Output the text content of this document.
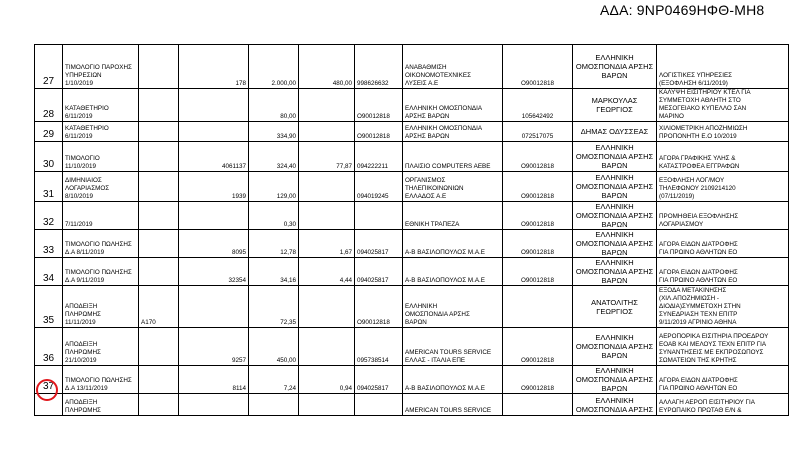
ΑΔΑ: 9ΝΡ0469ΗΦΘ-ΜΗ8
27	ΤΙΜΟΛΟΓΙΟ ΠΑΡΟΧΗΣ
ΥΠΗΡΕΣΙΩΝ
1/10/2019		178	2.000,00	480,00	998626632	ΑΝΑΒΑΘΜΙΣΗ
ΟΙΚΟΝΟΜΟΤΕΧΝΙΚΕΣ
ΛΥΣΕΙΣ Α.Ε	Ο90012818	ΕΛΛΗΝΙΚΗ
ΟΜΟΣΠΟΝΔΙΑ ΑΡΣΗΣ
ΒΑΡΩΝ	ΛΟΓΙΣΤΙΚΕΣ ΥΠΗΡΕΣΙΕΣ
(ΕΞΟΦΛΗΣΗ 6/11/2019)
28	ΚΑΤΑΘΕΤΗΡΙΟ
6/11/2019			80,00		Ο90012818	ΕΛΛΗΝΙΚΗ ΟΜΟΣΠΟΝΔΙΑ
ΑΡΣΗΣ ΒΑΡΩΝ	105642492	ΜΑΡΚΟΥΛΑΣ ΓΕΩΡΓΙΟΣ	ΚΑΛΥΨΗ ΕΙΣΙΤΗΡΙΟΥ ΚΤΕΛ ΓΙΑ
ΣΥΜΜΕΤΟΧΗ ΑΘΛΗΤΗ ΣΤΟ
ΜΕΣΟΓΕΙΑΚΟ ΚΥΠΕΛΛΟ ΣΑΝ
ΜΑΡΙΝΟ
29	ΚΑΤΑΘΕΤΗΡΙΟ
6/11/2019			334,90		Ο90012818	ΕΛΛΗΝΙΚΗ ΟΜΟΣΠΟΝΔΙΑ
ΑΡΣΗΣ ΒΑΡΩΝ	072517075	ΔΗΜΑΣ ΟΔΥΣΣΕΑΣ	ΧΙΛΙΟΜΕΤΡΙΚΗ ΑΠΟΖΗΜΙΩΣΗ
ΠΡΟΠΟΝΗΤΗ Ε.Ο 10/2019
30	ΤΙΜΟΛΟΓΙΟ
11/10/2019		4061137	324,40	77,87	094222211	ΠΛΑΙΣΙΟ COMPUTERS AEBE	Ο90012818	ΕΛΛΗΝΙΚΗ
ΟΜΟΣΠΟΝΔΙΑ ΑΡΣΗΣ
ΒΑΡΩΝ	ΑΓΟΡΑ ΓΡΑΦΙΚΗΣ ΥΛΗΣ &
ΚΑΤΑΣΤΡΟΦΕΑ ΕΓΓΡΑΦΩΝ
31	ΔΙΜΗΝΙΑΙΟΣ
ΛΟΓΑΡΙΑΣΜΟΣ
8/10/2019		1939	129,00		094019245	ΟΡΓΑΝΙΣΜΟΣ
ΤΗΛΕΠΙΚΟΙΝΩΝΙΩΝ
ΕΛΛΑΔΟΣ Α.Ε	Ο90012818	ΕΛΛΗΝΙΚΗ
ΟΜΟΣΠΟΝΔΙΑ ΑΡΣΗΣ
ΒΑΡΩΝ	ΕΞΟΦΛΗΣΗ ΛΟΓ/ΜΟΥ
ΤΗΛΕΦΩΝΟΥ 2109214120
(07/11/2019)
32	7/11/2019			0,30			ΕΘΝΙΚΗ ΤΡΑΠΕΖΑ	Ο90012818	ΕΛΛΗΝΙΚΗ
ΟΜΟΣΠΟΝΔΙΑ ΑΡΣΗΣ
ΒΑΡΩΝ	ΠΡΟΜΗΘΕΙΑ ΕΞΟΦΛΗΣΗΣ
ΛΟΓΑΡΙΑΣΜΟΥ
33	ΤΙΜΟΛΟΓΙΟ ΠΩΛΗΣΗΣ
Δ.Α 8/11/2019		8095	12,78	1,67	094025817	Α-Β ΒΑΣΙΛΟΠΟΥΛΟΣ Μ.Α.Ε	Ο90012818	ΕΛΛΗΝΙΚΗ
ΟΜΟΣΠΟΝΔΙΑ ΑΡΣΗΣ
ΒΑΡΩΝ	ΑΓΟΡΑ ΕΙΔΩΝ ΔΙΑΤΡΟΦΗΣ
ΓΙΑ ΠΡΩΙΝΟ ΑΘΛΗΤΩΝ ΕΟ
34	ΤΙΜΟΛΟΓΙΟ ΠΩΛΗΣΗΣ
Δ.Α 9/11/2019		32354	34,16	4,44	094025817	Α-Β ΒΑΣΙΛΟΠΟΥΛΟΣ Μ.Α.Ε	Ο90012818	ΕΛΛΗΝΙΚΗ
ΟΜΟΣΠΟΝΔΙΑ ΑΡΣΗΣ
ΒΑΡΩΝ	ΑΓΟΡΑ ΕΙΔΩΝ ΔΙΑΤΡΟΦΗΣ
ΓΙΑ ΠΡΩΙΝΟ ΑΘΛΗΤΩΝ ΕΟ
35	ΑΠΟΔΕΙΞΗ
ΠΛΗΡΩΜΗΣ
11/11/2019	Α170		72,35		Ο90012818	ΕΛΛΗΝΙΚΗ
ΟΜΟΣΠΟΝΔΙΑ ΑΡΣΗΣ
ΒΑΡΩΝ		ΑΝΑΤΟΛΙΤΗΣ ΓΕΩΡΓΙΟΣ	ΕΞΟΔΑ ΜΕΤΑΚΙΝΗΣΗΣ
(ΧΙΛ.ΑΠΟΖΗΜΙΩΣΗ -
ΔΙΟΔΙΑ)ΣΥΜΜΕΤΟΧΗ ΣΤΗΝ
ΣΥΝΕΔΡΙΑΣΗ ΤΕΧΝ ΕΠΙΤΡ
9/11/2019 ΑΓΡΙΝΙΟ ΑΘΗΝΑ
36	ΑΠΟΔΕΙΞΗ
ΠΛΗΡΩΜΗΣ
21/10/2019		9257	450,00		095738514	AMERICAN TOURS SERVICE
ΕΛΛΑΣ - ΙΤΑΛΙΑ ΕΠΕ	Ο90012818	ΕΛΛΗΝΙΚΗ
ΟΜΟΣΠΟΝΔΙΑ ΑΡΣΗΣ
ΒΑΡΩΝ	ΑΕΡΟΠΟΡΙΚΑ ΕΙΣΙΤΗΡΙΑ ΠΡΟΕΔΡΟΥ
ΕΟΑΒ ΚΑΙ ΜΕΛΟΥΣ ΤΕΧΝ ΕΠΙΤΡ ΓΙΑ
ΣΥΝΑΝΤΗΣΕΙΣ ΜΕ ΕΚΠΡΟΣΩΠΟΥΣ
ΣΩΜΑΤΕΙΩΝ ΤΗΣ ΚΡΗΤΗΣ
37	ΤΙΜΟΛΟΓΙΟ ΠΩΛΗΣΗΣ
Δ.Α 13/11/2019		8114	7,24	0,94	094025817	Α-Β ΒΑΣΙΛΟΠΟΥΛΟΣ Μ.Α.Ε	Ο90012818	ΕΛΛΗΝΙΚΗ
ΟΜΟΣΠΟΝΔΙΑ ΑΡΣΗΣ
ΒΑΡΩΝ	ΑΓΟΡΑ ΕΙΔΩΝ ΔΙΑΤΡΟΦΗΣ
ΓΙΑ ΠΡΩΙΝΟ ΑΘΛΗΤΩΝ ΕΟ
	ΑΠΟΔΕΙΞΗ
ΠΛΗΡΩΜΗΣ						AMERICAN TOURS SERVICE		ΕΛΛΗΝΙΚΗ
ΟΜΟΣΠΟΝΔΙΑ ΑΡΣΗΣ	ΑΛΛΑΓΗ ΑΕΡΟΠ ΕΙΣΙΤΗΡΙΟΥ ΓΙΑ
ΕΥΡΩΠΑΙΚΟ ΠΡΩΤΑΘ Ε/Ν &
